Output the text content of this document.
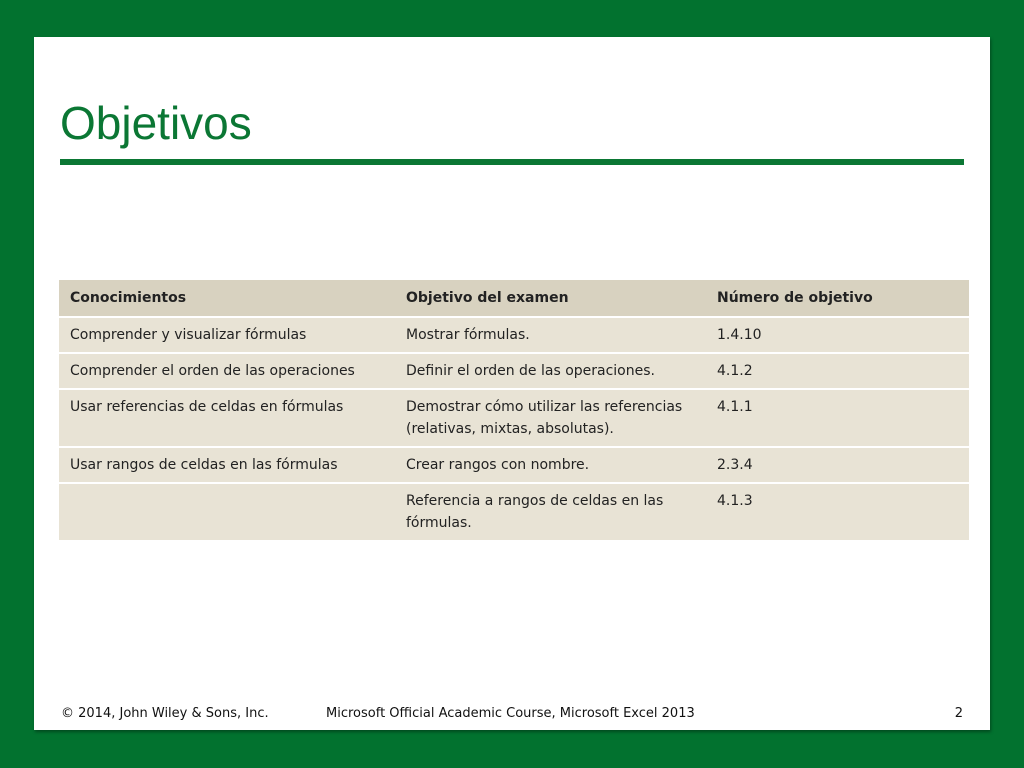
Objetivos
Conocimientos	Objetivo del examen	Número de objetivo
Comprender y visualizar fórmulas	Mostrar fórmulas.	1.4.10
Comprender el orden de las operaciones	Definir el orden de las operaciones.	4.1.2
Usar referencias de celdas en fórmulas	Demostrar cómo utilizar las referencias (relativas, mixtas, absolutas).	4.1.1
Usar rangos de celdas en las fórmulas	Crear rangos con nombre.	2.3.4
	Referencia a rangos de celdas en las fórmulas.	4.1.3
© 2014, John Wiley & Sons, Inc.	Microsoft Official Academic Course, Microsoft Excel 2013	2
